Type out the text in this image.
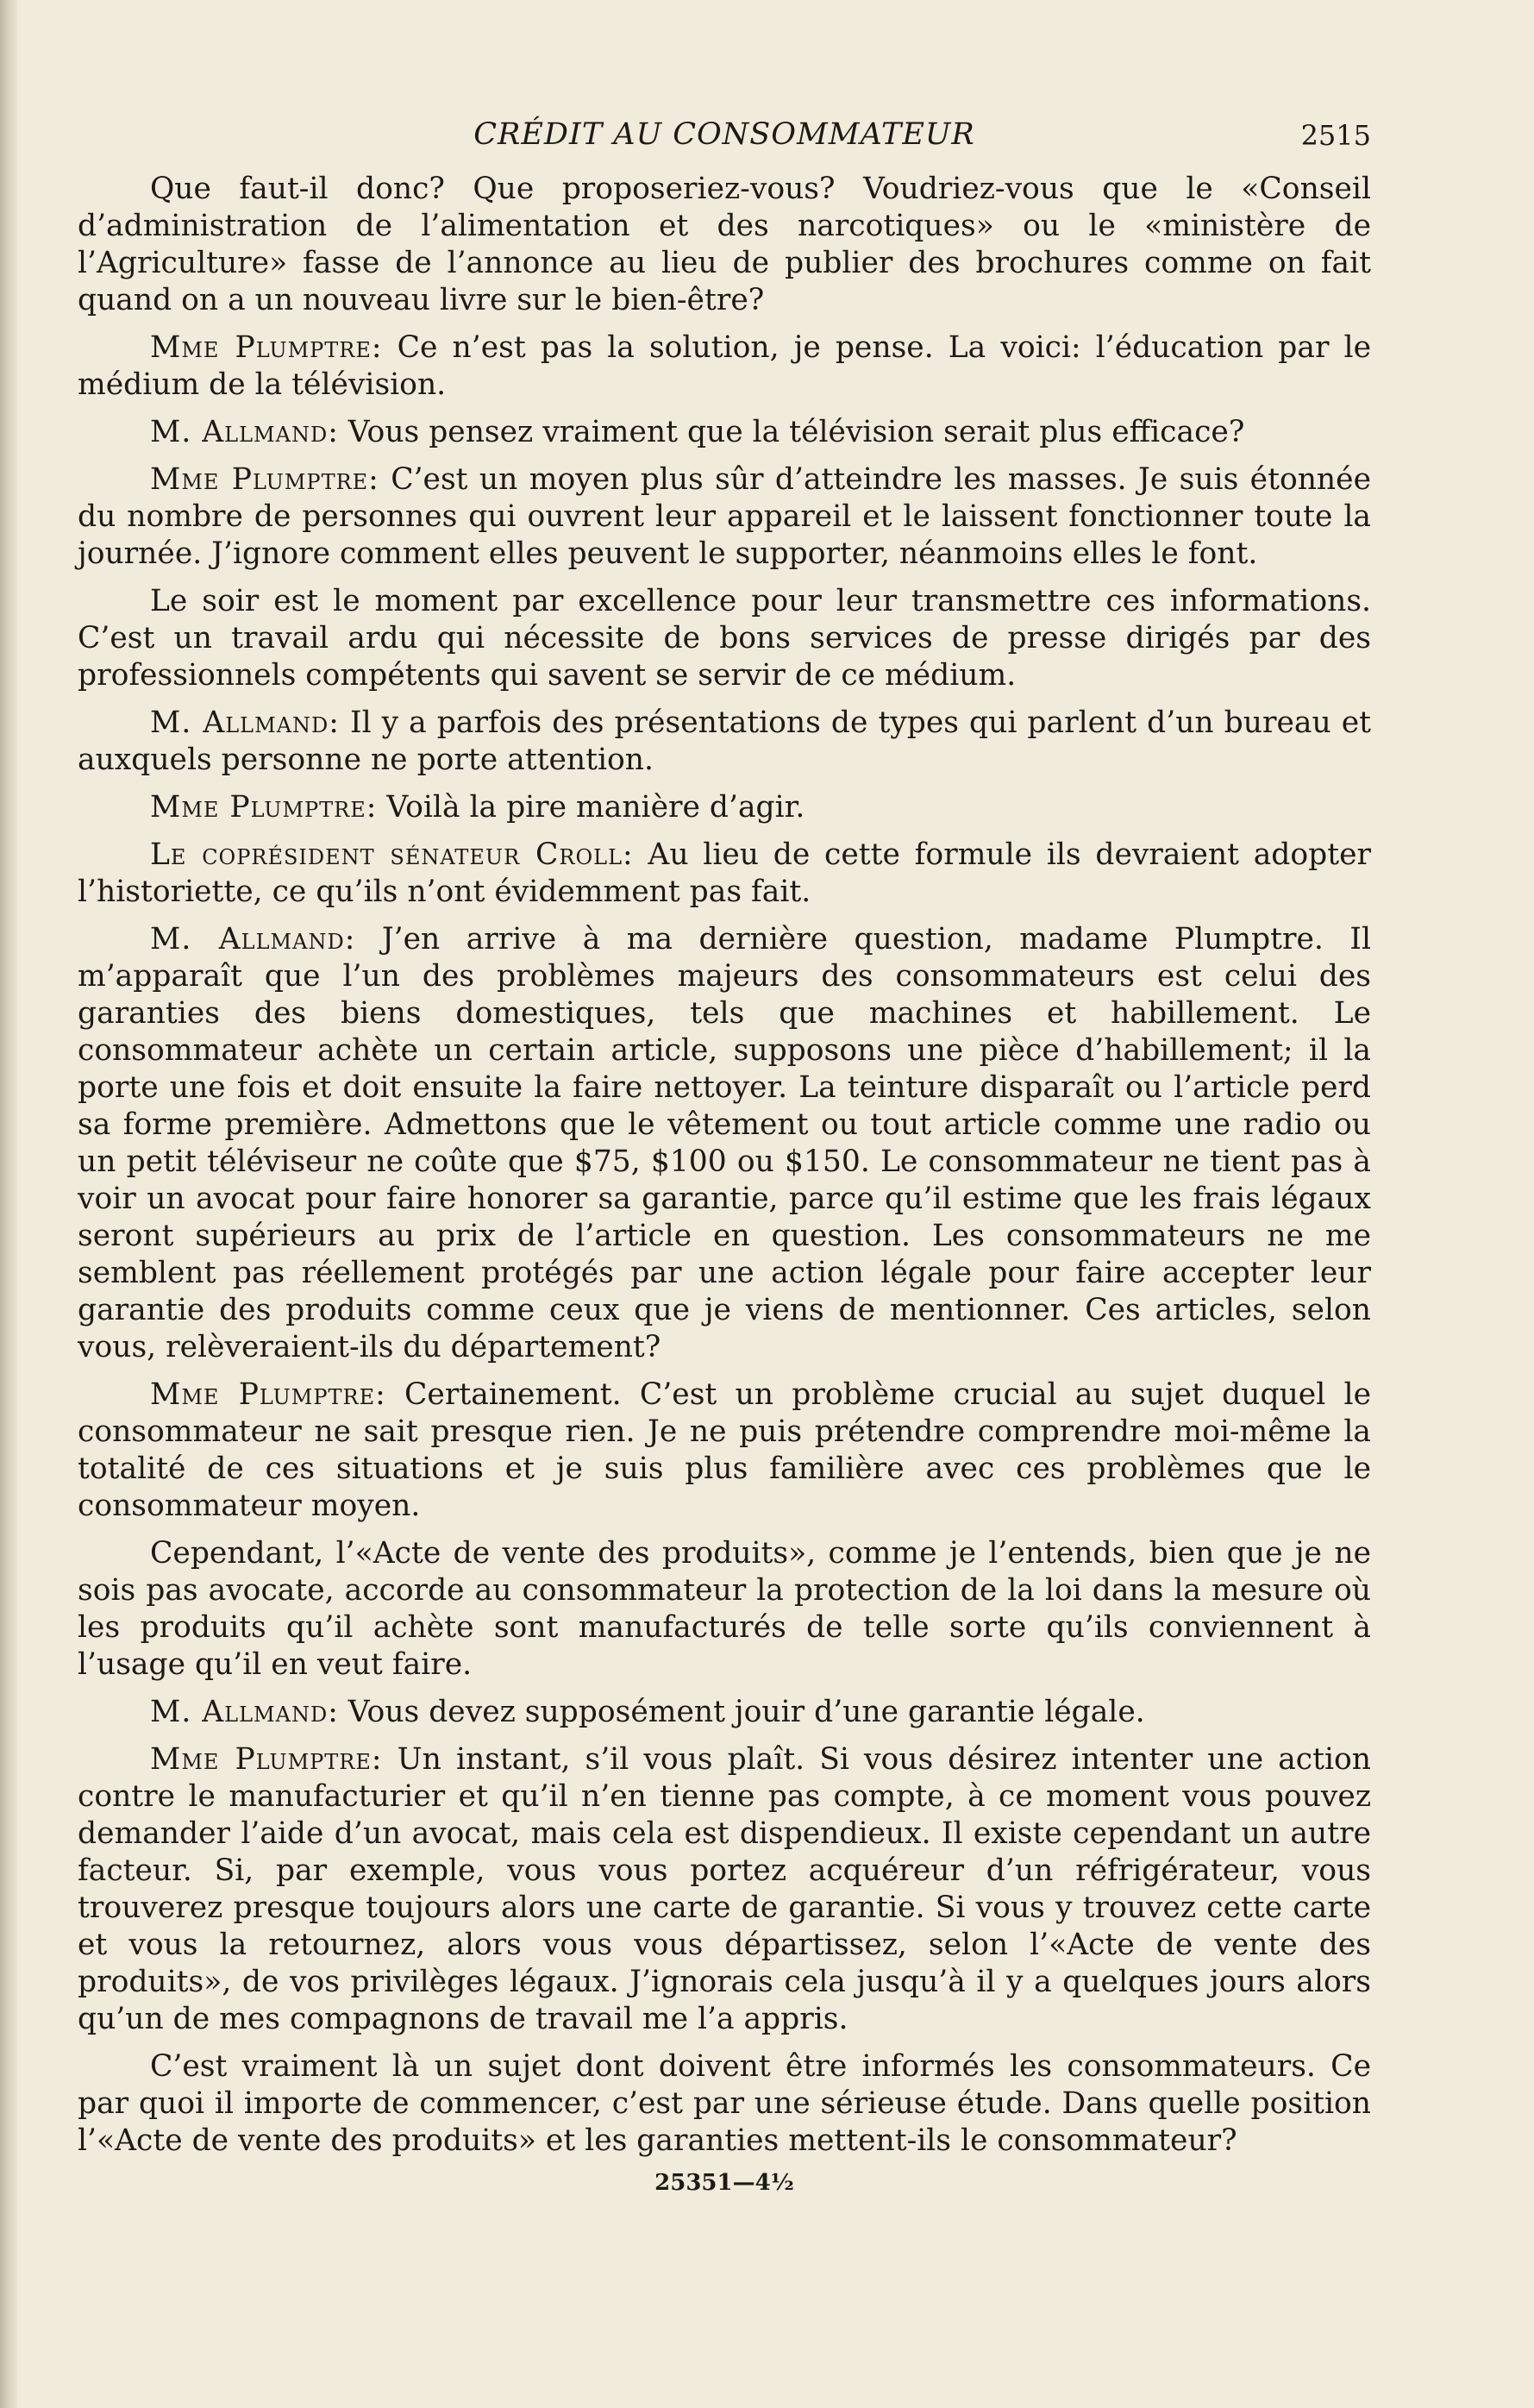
CRÉDIT AU CONSOMMATEUR	2515

Que faut-il donc? Que proposeriez-vous? Voudriez-vous que le «Conseil d’administration de l’alimentation et des narcotiques» ou le «ministère de l’Agriculture» fasse de l’annonce au lieu de publier des brochures comme on fait quand on a un nouveau livre sur le bien-être?

Mme Plumptre: Ce n’est pas la solution, je pense. La voici: l’éducation par le médium de la télévision.

M. Allmand: Vous pensez vraiment que la télévision serait plus efficace?

Mme Plumptre: C’est un moyen plus sûr d’atteindre les masses. Je suis étonnée du nombre de personnes qui ouvrent leur appareil et le laissent fonctionner toute la journée. J’ignore comment elles peuvent le supporter, néanmoins elles le font.

Le soir est le moment par excellence pour leur transmettre ces informations. C’est un travail ardu qui nécessite de bons services de presse dirigés par des professionnels compétents qui savent se servir de ce médium.

M. Allmand: Il y a parfois des présentations de types qui parlent d’un bureau et auxquels personne ne porte attention.

Mme Plumptre: Voilà la pire manière d’agir.

Le coprésident sénateur Croll: Au lieu de cette formule ils devraient adopter l’historiette, ce qu’ils n’ont évidemment pas fait.

M. Allmand: J’en arrive à ma dernière question, madame Plumptre. Il m’apparaît que l’un des problèmes majeurs des consommateurs est celui des garanties des biens domestiques, tels que machines et habillement. Le consommateur achète un certain article, supposons une pièce d’habillement; il la porte une fois et doit ensuite la faire nettoyer. La teinture disparaît ou l’article perd sa forme première. Admettons que le vêtement ou tout article comme une radio ou un petit téléviseur ne coûte que $75, $100 ou $150. Le consommateur ne tient pas à voir un avocat pour faire honorer sa garantie, parce qu’il estime que les frais légaux seront supérieurs au prix de l’article en question. Les consommateurs ne me semblent pas réellement protégés par une action légale pour faire accepter leur garantie des produits comme ceux que je viens de mentionner. Ces articles, selon vous, relèveraient-ils du département?

Mme Plumptre: Certainement. C’est un problème crucial au sujet duquel le consommateur ne sait presque rien. Je ne puis prétendre comprendre moi-même la totalité de ces situations et je suis plus familière avec ces problèmes que le consommateur moyen.

Cependant, l’«Acte de vente des produits», comme je l’entends, bien que je ne sois pas avocate, accorde au consommateur la protection de la loi dans la mesure où les produits qu’il achète sont manufacturés de telle sorte qu’ils conviennent à l’usage qu’il en veut faire.

M. Allmand: Vous devez supposément jouir d’une garantie légale.

Mme Plumptre: Un instant, s’il vous plaît. Si vous désirez intenter une action contre le manufacturier et qu’il n’en tienne pas compte, à ce moment vous pouvez demander l’aide d’un avocat, mais cela est dispendieux. Il existe cependant un autre facteur. Si, par exemple, vous vous portez acquéreur d’un réfrigérateur, vous trouverez presque toujours alors une carte de garantie. Si vous y trouvez cette carte et vous la retournez, alors vous vous départissez, selon l’«Acte de vente des produits», de vos privilèges légaux. J’ignorais cela jusqu’à il y a quelques jours alors qu’un de mes compagnons de travail me l’a appris.

C’est vraiment là un sujet dont doivent être informés les consommateurs. Ce par quoi il importe de commencer, c’est par une sérieuse étude. Dans quelle position l’«Acte de vente des produits» et les garanties mettent-ils le consommateur?

25351—4½
